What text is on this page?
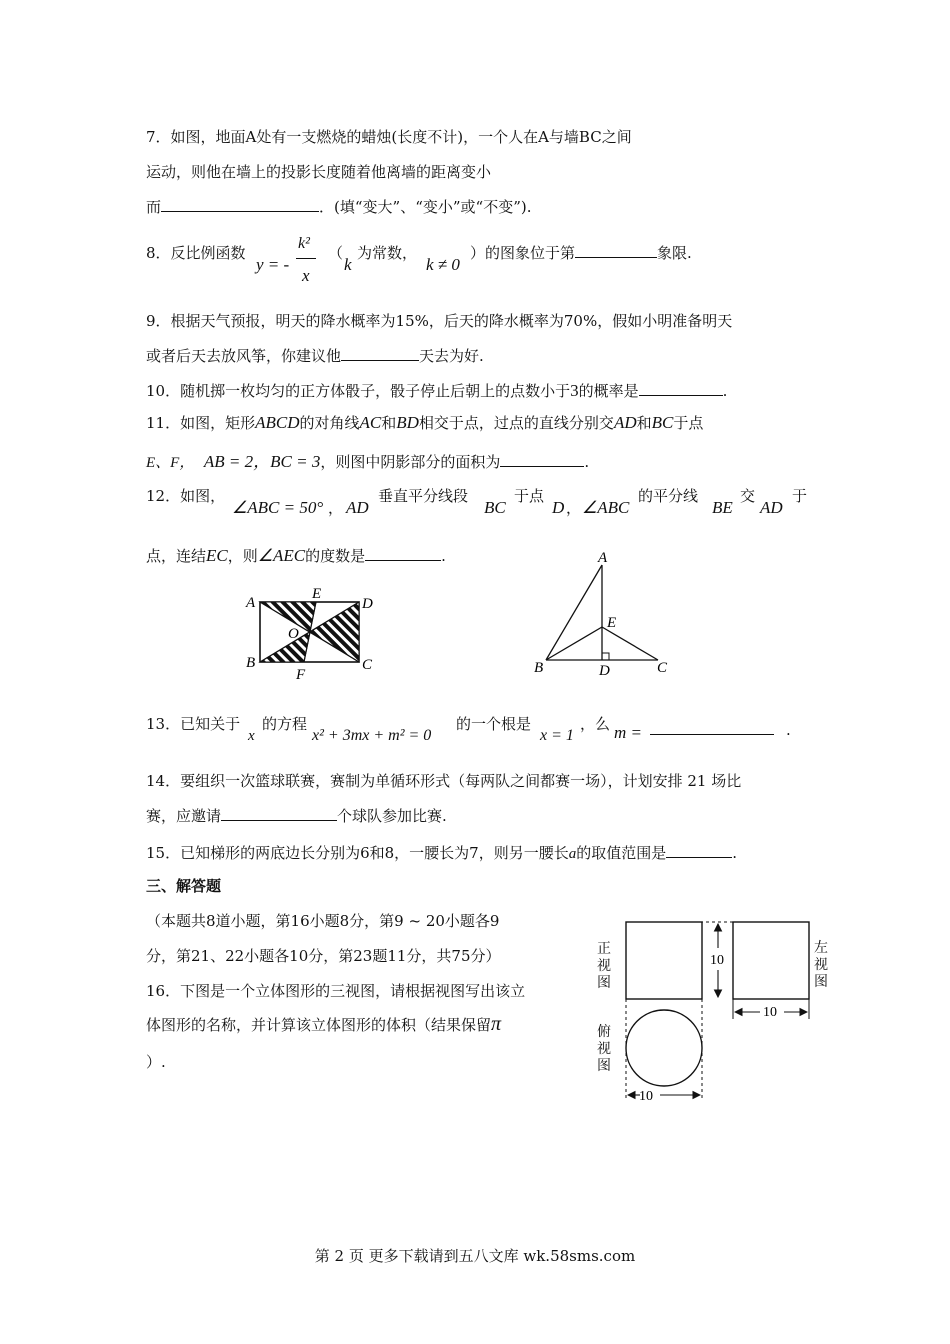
7．如图，地面A处有一支燃烧的蜡烛(长度不计)，一个人在A与墙BC之间
运动，则他在墙上的投影长度随着他离墙的距离变小
而	．(填“变大”、“变小”或“不变”).
8．反比例函数
y = -
k²
x
（
k
为常数，
k ≠ 0
）的图象位于第	象限.
9．根据天气预报，明天的降水概率为15%，后天的降水概率为70%，假如小明准备明天
或者后天去放风筝，你建议他	天去为好.
10．随机掷一枚均匀的正方体骰子，骰子停止后朝上的点数小于3的概率是	.
11．如图，矩形ABCD的对角线AC和BD相交于点，过点的直线分别交AD和BC于点
E、F， AB = 2，BC = 3，则图中阴影部分的面积为	.
12．如图，
∠ABC = 50° ， AD
垂直平分线段
BC
于点
D ， ∠ABC
的平分线
BE
交
AD
于
点，连结EC，则∠AEC的度数是	.
A
E
D
O
B
F
C
A
E
B	D	C
13．已知关于
x
的方程
x² + 3mx + m² = 0
的一个根是
x = 1
，么 m =	.
14．要组织一次篮球联赛，赛制为单循环形式（每两队之间都赛一场），计划安排 21 场比
赛，应邀请	个球队参加比赛.
15．已知梯形的两底边长分别为6和8，一腰长为7，则另一腰长a的取值范围是	.
三、解答题
（本题共8道小题，第16小题8分，第9 ~ 20小题各9
分，第21、22小题各10分，第23题11分，共75分）
16．下图是一个立体图形的三视图，请根据视图写出该立
体图形的名称，并计算该立体图形的体积（结果保留π
）.
正视图
左视图
俯视图
10
10
10
第 2 页 更多下载请到五八文库 wk.58sms.com
